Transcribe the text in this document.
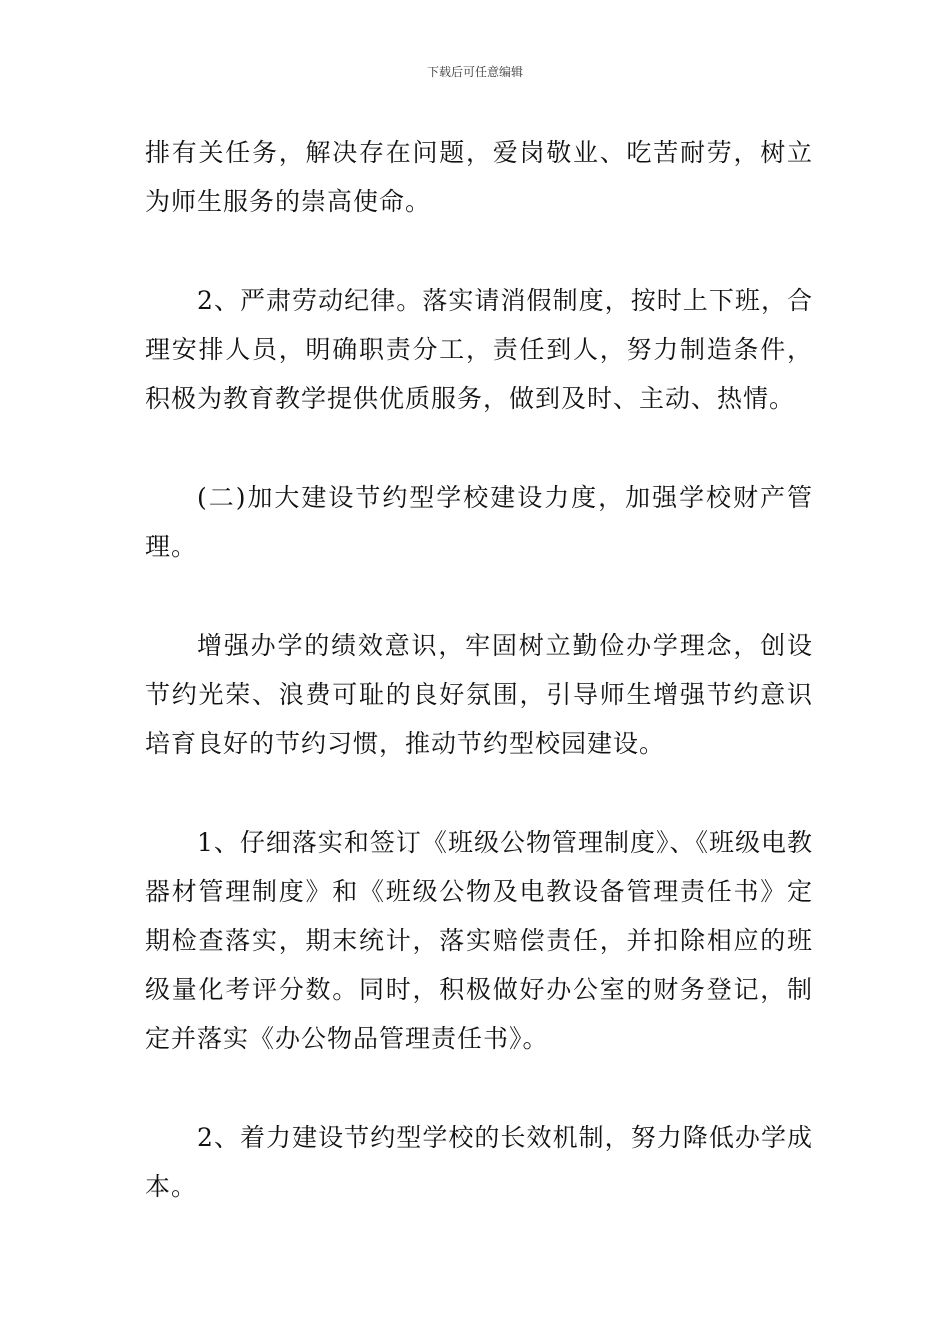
下载后可任意编辑

排有关任务，解决存在问题，爱岗敬业、吃苦耐劳，树立为师生服务的崇高使命。

2、严肃劳动纪律。落实请消假制度，按时上下班，合理安排人员，明确职责分工，责任到人，努力制造条件，积极为教育教学提供优质服务，做到及时、主动、热情。

(二)加大建设节约型学校建设力度，加强学校财产管理。

增强办学的绩效意识，牢固树立勤俭办学理念，创设节约光荣、浪费可耻的良好氛围，引导师生增强节约意识培育良好的节约习惯，推动节约型校园建设。

1、仔细落实和签订《班级公物管理制度》、《班级电教器材管理制度》和《班级公物及电教设备管理责任书》定期检查落实，期末统计，落实赔偿责任，并扣除相应的班级量化考评分数。同时，积极做好办公室的财务登记，制定并落实《办公物品管理责任书》。

2、着力建设节约型学校的长效机制，努力降低办学成本。
